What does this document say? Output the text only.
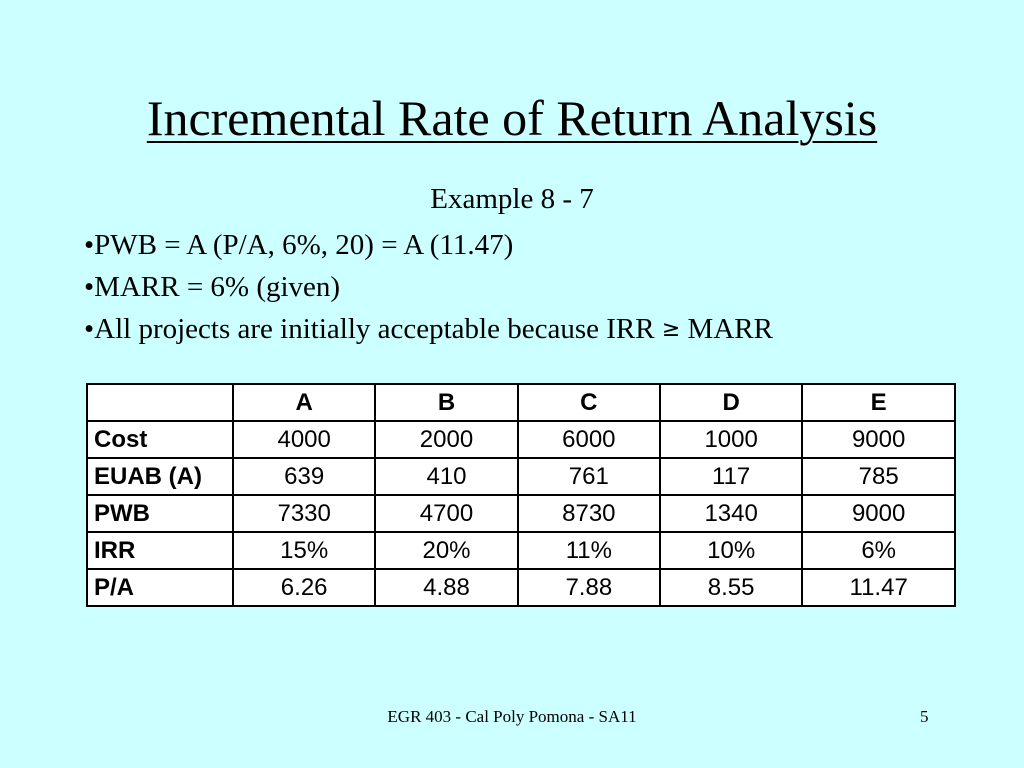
Incremental Rate of Return Analysis
Example 8 - 7
•PWB = A (P/A, 6%, 20) = A (11.47)
•MARR = 6% (given)
•All projects are initially acceptable because IRR ≥ MARR
	A	B	C	D	E
Cost	4000	2000	6000	1000	9000
EUAB (A)	639	410	761	117	785
PWB	7330	4700	8730	1340	9000
IRR	15%	20%	11%	10%	6%
P/A	6.26	4.88	7.88	8.55	11.47
EGR 403 - Cal Poly Pomona - SA11	5
